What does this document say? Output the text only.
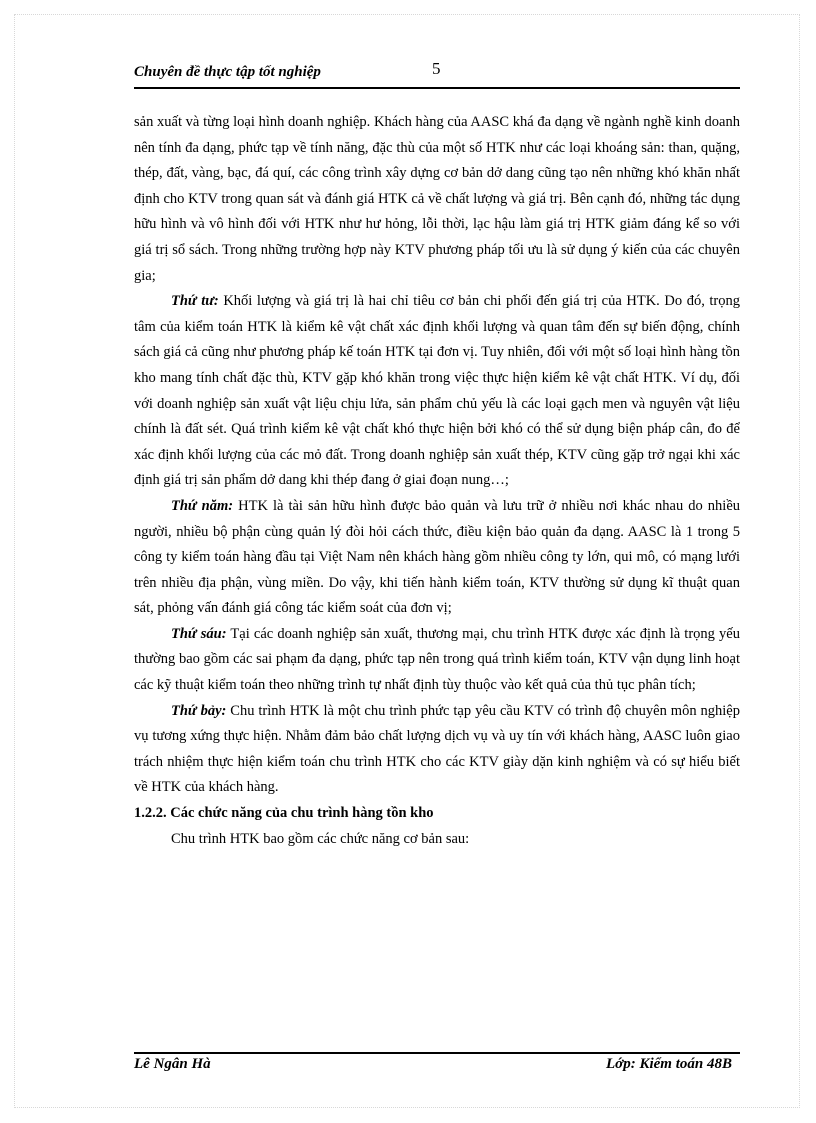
Chuyên đề thực tập tốt nghiệp	5

sản xuất và từng loại hình doanh nghiệp. Khách hàng của AASC khá đa dạng về ngành nghề kinh doanh nên tính đa dạng, phức tạp về tính năng, đặc thù của một số HTK như các loại khoáng sản: than, quặng, thép, đất, vàng, bạc, đá quí, các công trình xây dựng cơ bản dở dang cũng tạo nên những khó khăn nhất định cho KTV trong quan sát và đánh giá HTK cả về chất lượng và giá trị. Bên cạnh đó, những tác dụng hữu hình và vô hình đối với HTK như hư hỏng, lỗi thời, lạc hậu làm giá trị HTK giảm đáng kể so với giá trị sổ sách. Trong những trường hợp này KTV phương pháp tối ưu là sử dụng ý kiến của các chuyên gia;

Thứ tư: Khối lượng và giá trị là hai chỉ tiêu cơ bản chi phối đến giá trị của HTK. Do đó, trọng tâm của kiểm toán HTK là kiểm kê vật chất xác định khối lượng và quan tâm đến sự biến động, chính sách giá cả cũng như phương pháp kế toán HTK tại đơn vị. Tuy nhiên, đối với một số loại hình hàng tồn kho mang tính chất đặc thù, KTV gặp khó khăn trong việc thực hiện kiểm kê vật chất HTK. Ví dụ, đối với doanh nghiệp sản xuất vật liệu chịu lửa, sản phẩm chủ yếu là các loại gạch men và nguyên vật liệu chính là đất sét. Quá trình kiểm kê vật chất khó thực hiện bởi khó có thể sử dụng biện pháp cân, đo để xác định khối lượng của các mỏ đất. Trong doanh nghiệp sản xuất thép, KTV cũng gặp trở ngại khi xác định giá trị sản phẩm dở dang khi thép đang ở giai đoạn nung…;

Thứ năm: HTK là tài sản hữu hình được bảo quản và lưu trữ ở nhiều nơi khác nhau do nhiều người, nhiều bộ phận cùng quản lý đòi hỏi cách thức, điều kiện bảo quản đa dạng. AASC là 1 trong 5 công ty kiểm toán hàng đầu tại Việt Nam nên khách hàng gồm nhiều công ty lớn, qui mô, có mạng lưới trên nhiều địa phận, vùng miền. Do vậy, khi tiến hành kiểm toán, KTV thường sử dụng kĩ thuật quan sát, phỏng vấn đánh giá công tác kiểm soát của đơn vị;

Thứ sáu: Tại các doanh nghiệp sản xuất, thương mại, chu trình HTK được xác định là trọng yếu thường bao gồm các sai phạm đa dạng, phức tạp nên trong quá trình kiểm toán, KTV vận dụng linh hoạt các kỹ thuật kiểm toán theo những trình tự nhất định tùy thuộc vào kết quả của thủ tục phân tích;

Thứ bảy: Chu trình HTK là một chu trình phức tạp yêu cầu KTV có trình độ chuyên môn nghiệp vụ tương xứng thực hiện. Nhằm đảm bảo chất lượng dịch vụ và uy tín với khách hàng, AASC luôn giao trách nhiệm thực hiện kiểm toán chu trình HTK cho các KTV giày dặn kinh nghiệm và có sự hiểu biết về HTK của khách hàng.

1.2.2. Các chức năng của chu trình hàng tồn kho

Chu trình HTK bao gồm các chức năng cơ bản sau:

Lê Ngân Hà	Lớp: Kiểm toán 48B
